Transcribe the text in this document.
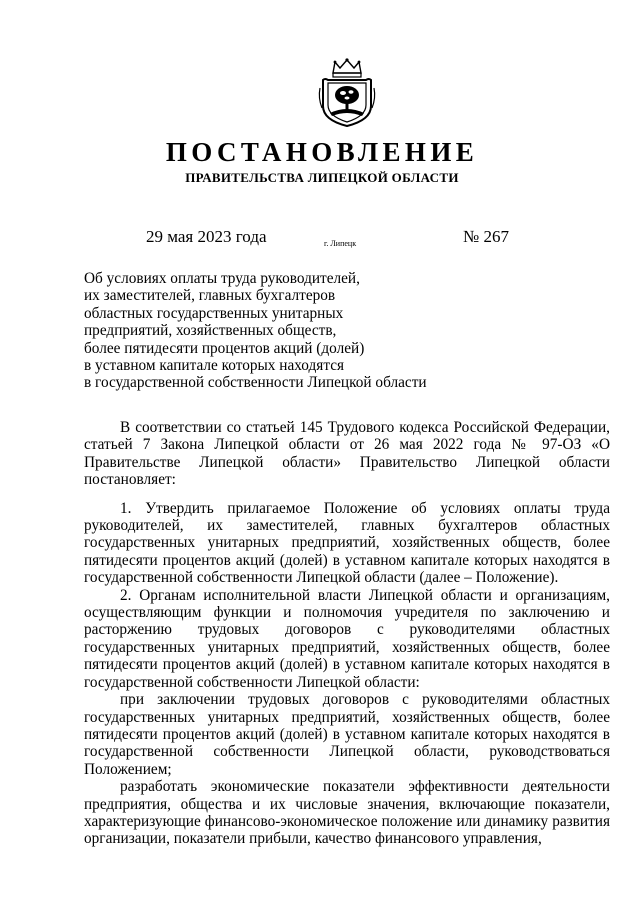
ПОСТАНОВЛЕНИЕ
ПРАВИТЕЛЬСТВА ЛИПЕЦКОЙ ОБЛАСТИ
29 мая 2023 года	г. Липецк	№ 267
Об условиях оплаты труда руководителей,
их заместителей, главных бухгалтеров
областных государственных унитарных
предприятий, хозяйственных обществ,
более пятидесяти процентов акций (долей)
в уставном капитале которых находятся
в государственной собственности Липецкой области

В соответствии со статьей 145 Трудового кодекса Российской Федерации, статьей 7 Закона Липецкой области от 26 мая 2022 года № 97-ОЗ «О Правительстве Липецкой области» Правительство Липецкой области постановляет:

1. Утвердить прилагаемое Положение об условиях оплаты труда руководителей, их заместителей, главных бухгалтеров областных государственных унитарных предприятий, хозяйственных обществ, более пятидесяти процентов акций (долей) в уставном капитале которых находятся в государственной собственности Липецкой области (далее – Положение).

2. Органам исполнительной власти Липецкой области и организациям, осуществляющим функции и полномочия учредителя по заключению и расторжению трудовых договоров с руководителями областных государственных унитарных предприятий, хозяйственных обществ, более пятидесяти процентов акций (долей) в уставном капитале которых находятся в государственной собственности Липецкой области:

при заключении трудовых договоров с руководителями областных государственных унитарных предприятий, хозяйственных обществ, более пятидесяти процентов акций (долей) в уставном капитале которых находятся в государственной собственности Липецкой области, руководствоваться Положением;

разработать экономические показатели эффективности деятельности предприятия, общества и их числовые значения, включающие показатели, характеризующие финансово-экономическое положение или динамику развития организации, показатели прибыли, качество финансового управления,
